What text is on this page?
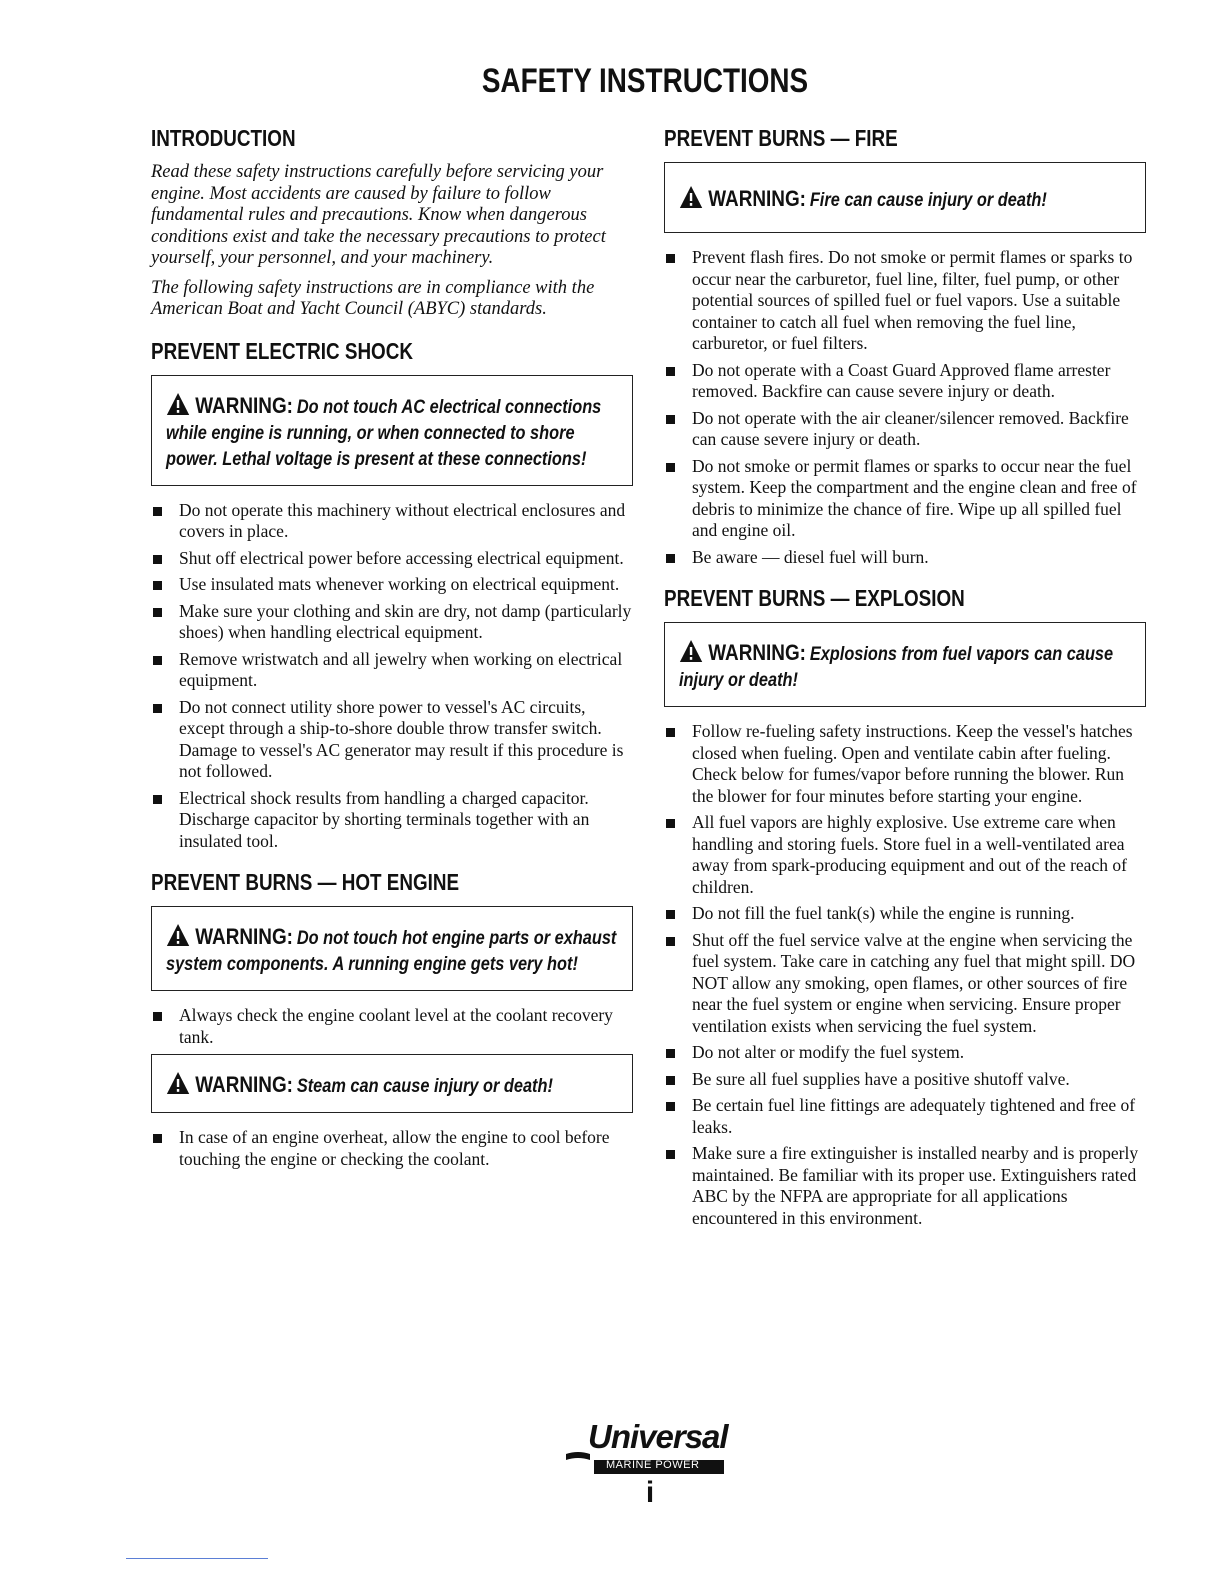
SAFETY INSTRUCTIONS
INTRODUCTION

Read these safety instructions carefully before servicing your engine. Most accidents are caused by failure to follow fundamental rules and precautions. Know when dangerous conditions exist and take the necessary precautions to protect yourself, your personnel, and your machinery.

The following safety instructions are in compliance with the American Boat and Yacht Council (ABYC) standards.

PREVENT ELECTRIC SHOCK
WARNING: Do not touch AC electrical connections while engine is running, or when connected to shore power. Lethal voltage is present at these connections!
Do not operate this machinery without electrical enclosures and covers in place.
Shut off electrical power before accessing electrical equipment.
Use insulated mats whenever working on electrical equipment.
Make sure your clothing and skin are dry, not damp (particularly shoes) when handling electrical equipment.
Remove wristwatch and all jewelry when working on electrical equipment.
Do not connect utility shore power to vessel's AC circuits, except through a ship-to-shore double throw transfer switch. Damage to vessel's AC generator may result if this procedure is not followed.
Electrical shock results from handling a charged capacitor. Discharge capacitor by shorting terminals together with an insulated tool.
PREVENT BURNS — HOT ENGINE
WARNING: Do not touch hot engine parts or exhaust system components. A running engine gets very hot!
Always check the engine coolant level at the coolant recovery tank.
WARNING: Steam can cause injury or death!
In case of an engine overheat, allow the engine to cool before touching the engine or checking the coolant.
PREVENT BURNS — FIRE
WARNING: Fire can cause injury or death!
Prevent flash fires. Do not smoke or permit flames or sparks to occur near the carburetor, fuel line, filter, fuel pump, or other potential sources of spilled fuel or fuel vapors. Use a suitable container to catch all fuel when removing the fuel line, carburetor, or fuel filters.
Do not operate with a Coast Guard Approved flame arrester removed. Backfire can cause severe injury or death.
Do not operate with the air cleaner/silencer removed. Backfire can cause severe injury or death.
Do not smoke or permit flames or sparks to occur near the fuel system. Keep the compartment and the engine clean and free of debris to minimize the chance of fire. Wipe up all spilled fuel and engine oil.
Be aware — diesel fuel will burn.
PREVENT BURNS — EXPLOSION
WARNING: Explosions from fuel vapors can cause injury or death!
Follow re-fueling safety instructions. Keep the vessel's hatches closed when fueling. Open and ventilate cabin after fueling. Check below for fumes/vapor before running the blower. Run the blower for four minutes before starting your engine.
All fuel vapors are highly explosive. Use extreme care when handling and storing fuels. Store fuel in a well-ventilated area away from spark-producing equipment and out of the reach of children.
Do not fill the fuel tank(s) while the engine is running.
Shut off the fuel service valve at the engine when servicing the fuel system. Take care in catching any fuel that might spill. DO NOT allow any smoking, open flames, or other sources of fire near the fuel system or engine when servicing. Ensure proper ventilation exists when servicing the fuel system.
Do not alter or modify the fuel system.
Be sure all fuel supplies have a positive shutoff valve.
Be certain fuel line fittings are adequately tightened and free of leaks.
Make sure a fire extinguisher is installed nearby and is properly maintained. Be familiar with its proper use. Extinguishers rated ABC by the NFPA are appropriate for all applications encountered in this environment.
Universal
MARINE POWER
i
